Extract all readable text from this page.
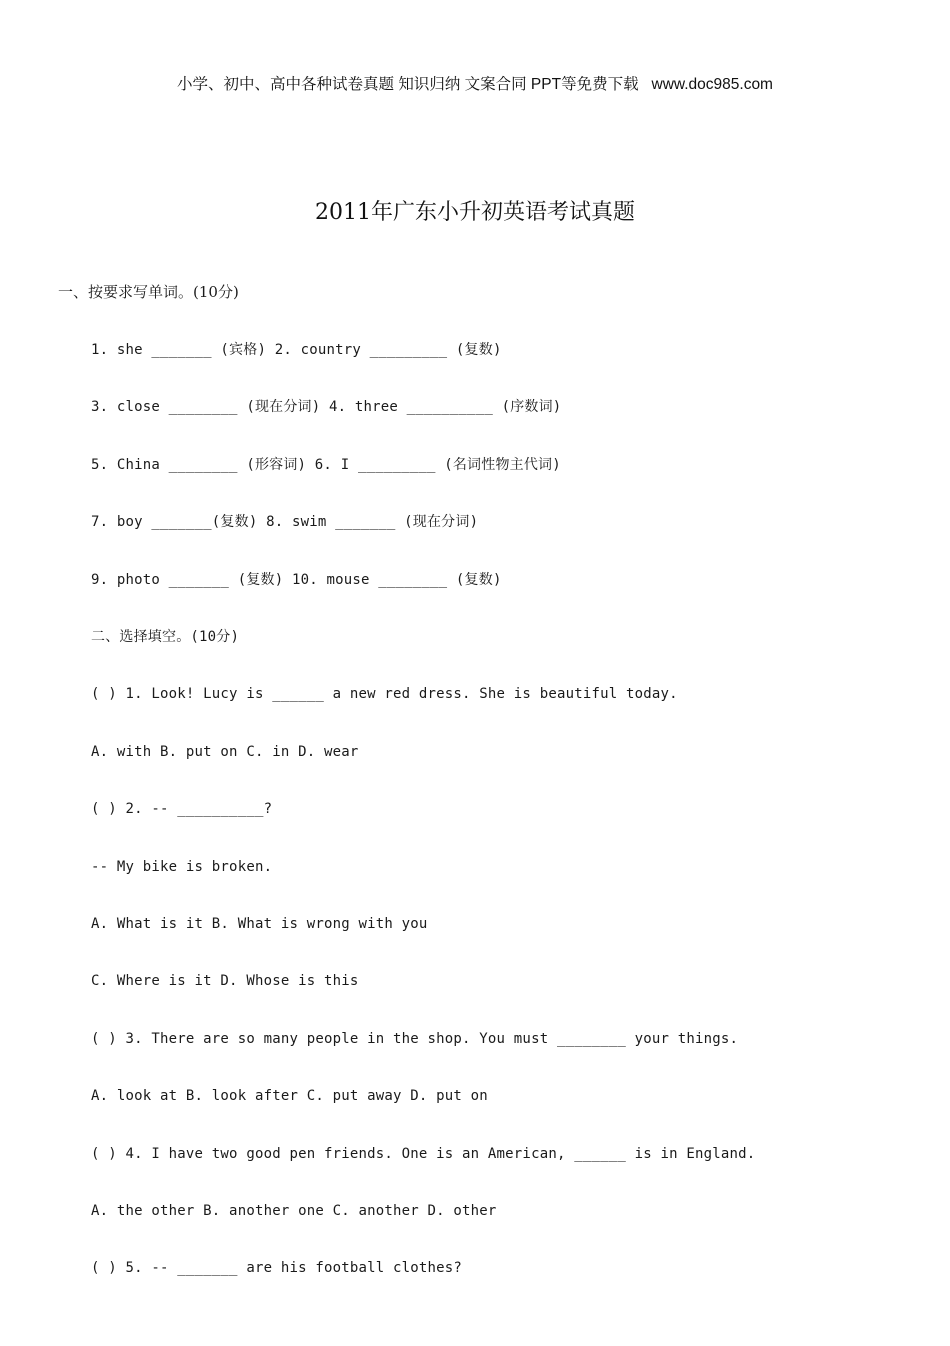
小学、初中、高中各种试卷真题 知识归纳 文案合同 PPT等免费下载   www.doc985.com
2011年广东小升初英语考试真题
一、按要求写单词。(10分)
1. she _______ (宾格) 2. country _________ (复数)
3. close ________ (现在分词) 4. three __________ (序数词)
5. China ________ (形容词) 6. I _________ (名词性物主代词)
7. boy _______(复数) 8. swim _______ (现在分词)
9. photo _______ (复数) 10. mouse ________ (复数)
二、选择填空。(10分)
( ) 1. Look! Lucy is ______ a new red dress. She is beautiful today.
A. with B. put on C. in D. wear
( ) 2. -- __________?
-- My bike is broken.
A. What is it B. What is wrong with you
C. Where is it D. Whose is this
( ) 3. There are so many people in the shop. You must ________ your things.
A. look at B. look after C. put away D. put on
( ) 4. I have two good pen friends. One is an American, ______ is in England.
A. the other B. another one C. another D. other
( ) 5. -- _______ are his football clothes?
